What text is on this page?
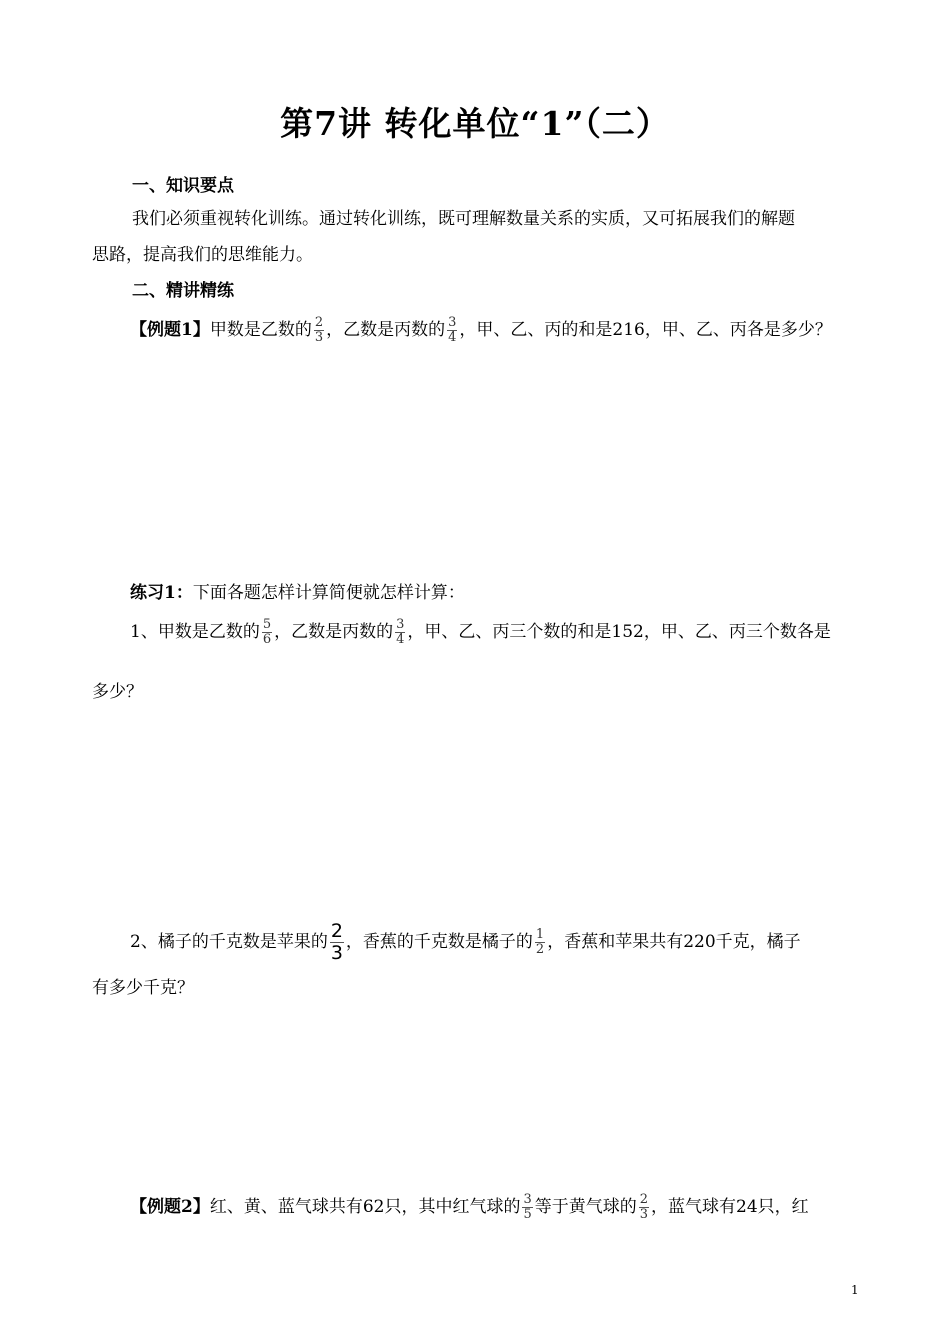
第7讲 转化单位“1”（二）
一、知识要点
我们必须重视转化训练。通过转化训练，既可理解数量关系的实质，又可拓展我们的解题
思路，提高我们的思维能力。
二、精讲精练
【例题1】甲数是乙数的 $\frac{2}{3}$ ，乙数是丙数的 $\frac{3}{4}$ ，甲、乙、丙的和是216，甲、乙、丙各是多少？
练习1：下面各题怎样计算简便就怎样计算：
1、甲数是乙数的 $\frac{5}{6}$ ，乙数是丙数的 $\frac{3}{4}$ ，甲、乙、丙三个数的和是152，甲、乙、丙三个数各是
多少？
2、橘子的千克数是苹果的 $\frac{2}{3}$ ，香蕉的千克数是橘子的 $\frac{1}{2}$ ，香蕉和苹果共有220千克，橘子
有多少千克？
【例题2】红、黄、蓝气球共有62只，其中红气球的 $\frac{3}{5}$ 等于黄气球的 $\frac{2}{3}$ ，蓝气球有24只，红
1
